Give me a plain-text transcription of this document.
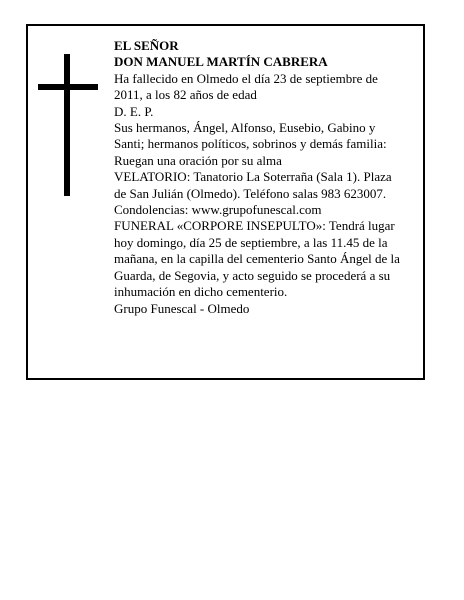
EL SEÑOR

DON MANUEL MARTÍN CABRERA

Ha fallecido en Olmedo el día 23 de septiembre de 2011, a los 82 años de edad

D. E. P.

Sus hermanos, Ángel, Alfonso, Eusebio, Gabino y Santi; hermanos políticos, sobrinos y demás familia:

Ruegan una oración por su alma

VELATORIO: Tanatorio La Soterraña (Sala 1). Plaza de San Julián (Olmedo). Teléfono salas 983 623007.

Condolencias: www.grupofunescal.com

FUNERAL «CORPORE INSEPULTO»: Tendrá lugar hoy domingo, día 25 de septiembre, a las 11.45 de la mañana, en la capilla del cementerio Santo Ángel de la Guarda, de Segovia, y acto seguido se procederá a su inhumación en dicho cementerio.

Grupo Funescal - Olmedo
